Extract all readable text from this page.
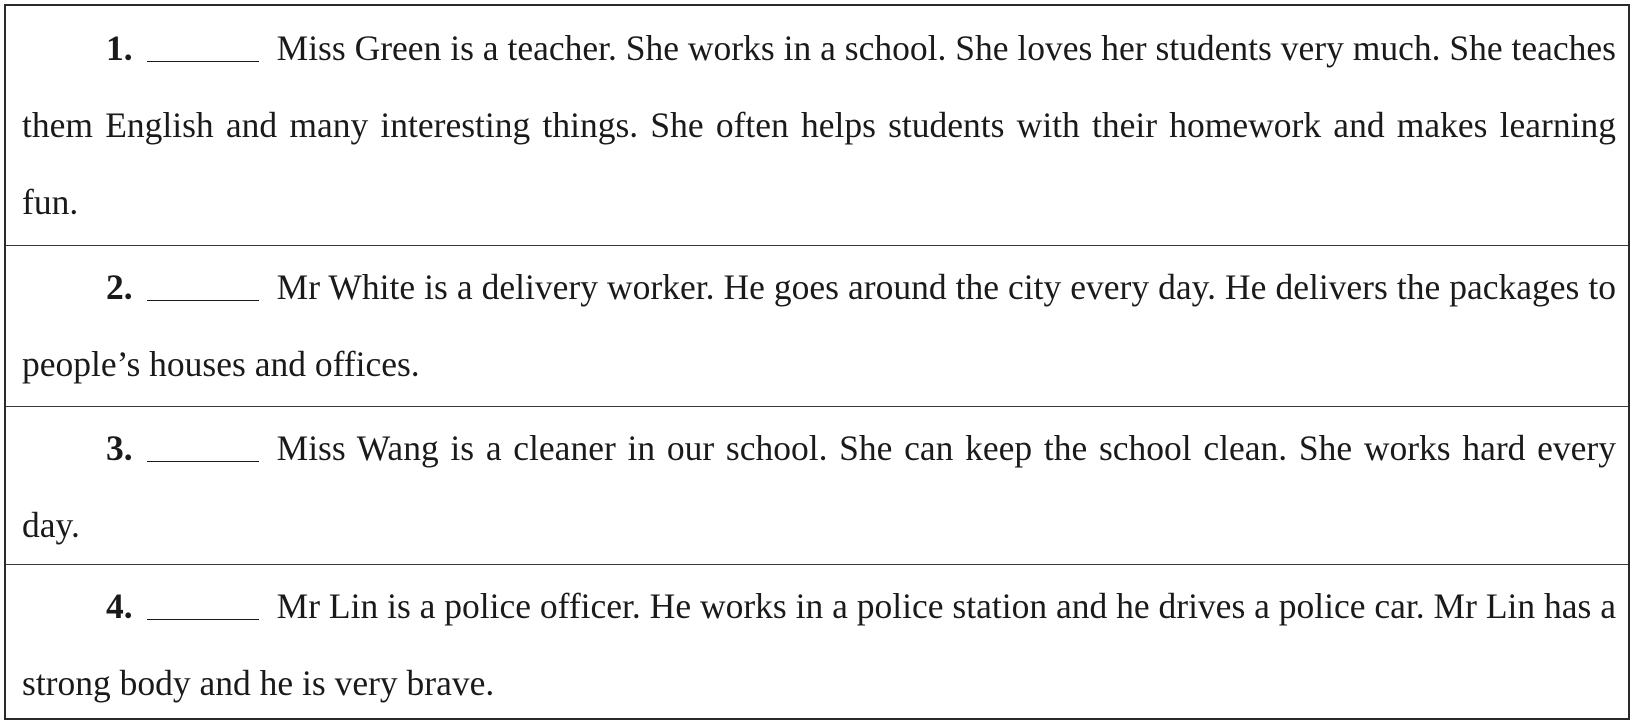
1.	Miss Green is a teacher. She works in a school. She loves her students very much. She teaches them English and many interesting things. She often helps students with their homework and makes learning fun.
2.	Mr White is a delivery worker. He goes around the city every day. He delivers the packages to people’s houses and offices.
3.	Miss Wang is a cleaner in our school. She can keep the school clean. She works hard every day.
4.	Mr Lin is a police officer. He works in a police station and he drives a police car. Mr Lin has a strong body and he is very brave.
